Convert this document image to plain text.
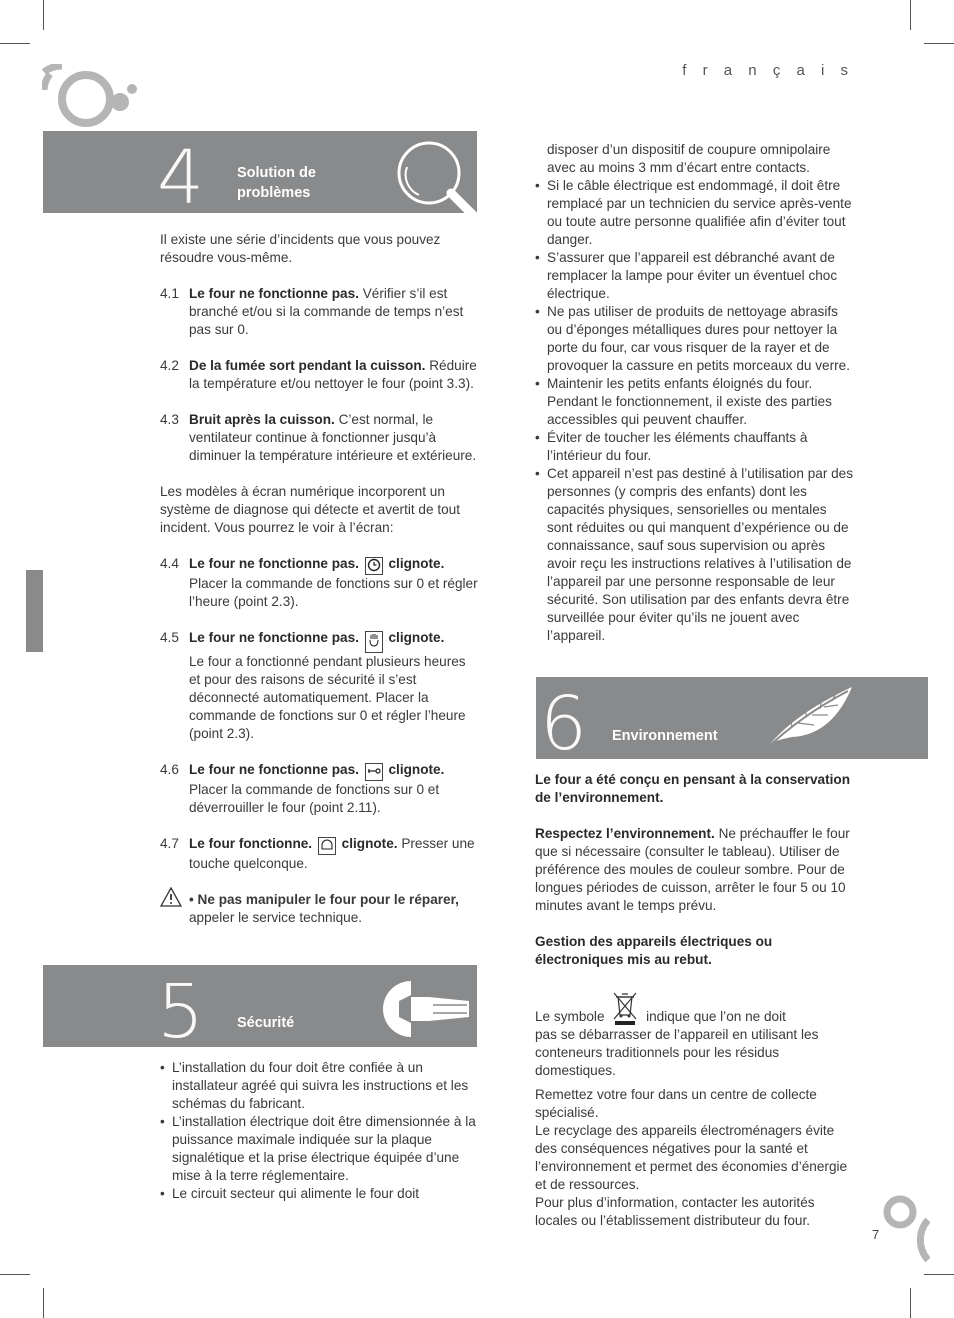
f r a n ç a i s
4 Solution de
problèmes

Il existe une série d’incidents que vous pouvez résoudre vous-même.

4.1 Le four ne fonctionne pas. Vérifier s’il est branché et/ou si la commande de temps n’est pas sur 0.
4.2 De la fumée sort pendant la cuisson. Réduire la température et/ou nettoyer le four (point 3.3).
4.3 Bruit après la cuisson. C’est normal, le ventilateur continue à fonctionner jusqu’à diminuer la température intérieure et extérieure.

Les modèles à écran numérique incorporent un système de diagnose qui détecte et avertit de tout incident. Vous pourrez le voir à l’écran:

4.4 Le four ne fonctionne pas. clignote.
Placer la commande de fonctions sur 0 et régler l’heure (point 2.3).
4.5 Le four ne fonctionne pas. clignote.
Le four a fonctionné pendant plusieurs heures et pour des raisons de sécurité il s’est déconnecté automatiquement. Placer la commande de fonctions sur 0 et régler l’heure (point 2.3).
4.6 Le four ne fonctionne pas. clignote.
Placer la commande de fonctions sur 0 et déverrouiller le four (point 2.11).
4.7 Le four fonctionne. clignote. Presser une touche quelconque.
• Ne pas manipuler le four pour le réparer,
appeler le service technique.
5 Sécurité
• L’installation du four doit être confiée à un installateur agréé qui suivra les instructions et les schémas du fabricant.
• L’installation électrique doit être dimensionnée à la puissance maximale indiquée sur la plaque signalétique et la prise électrique équipée d’une mise à la terre réglementaire.
• Le circuit secteur qui alimente le four doit

disposer d’un dispositif de coupure omnipolaire avec au moins 3 mm d’écart entre contacts.

• Si le câble électrique est endommagé, il doit être remplacé par un technicien du service après-vente ou toute autre personne qualifiée afin d’éviter tout danger.
• S’assurer que l’appareil est débranché avant de remplacer la lampe pour éviter un éventuel choc électrique.
• Ne pas utiliser de produits de nettoyage abrasifs ou d’éponges métalliques dures pour nettoyer la porte du four, car vous risquer de la rayer et de provoquer la cassure en petits morceaux du verre.
• Maintenir les petits enfants éloignés du four. Pendant le fonctionnement, il existe des parties accessibles qui peuvent chauffer.
• Éviter de toucher les éléments chauffants à l’intérieur du four.
• Cet appareil n’est pas destiné à l’utilisation par des personnes (y compris des enfants) dont les capacités physiques, sensorielles ou mentales sont réduites ou qui manquent d’expérience ou de connaissance, sauf sous supervision ou après avoir reçu les instructions relatives à l’utilisation de l’appareil par une personne responsable de leur sécurité. Son utilisation par des enfants devra être surveillée pour éviter qu’ils ne jouent avec l’appareil.
6 Environnement

Le four a été conçu en pensant à la conservation de l’environnement.

Respectez l’environnement. Ne préchauffer le four que si nécessaire (consulter le tableau). Utiliser de préférence des moules de couleur sombre. Pour de longues périodes de cuisson, arrêter le four 5 ou 10 minutes avant le temps prévu.

Gestion des appareils électriques ou électroniques mis au rebut.

Le symbole	indique que l’on ne doit
pas se débarrasser de l’appareil en utilisant les conteneurs traditionnels pour les résidus domestiques.

Remettez votre four dans un centre de collecte spécialisé.

Le recyclage des appareils électroménagers évite des conséquences négatives pour la santé et l’environnement et permet des économies d’énergie et de ressources.

Pour plus d’information, contacter les autorités locales ou l’établissement distributeur du four.

7
